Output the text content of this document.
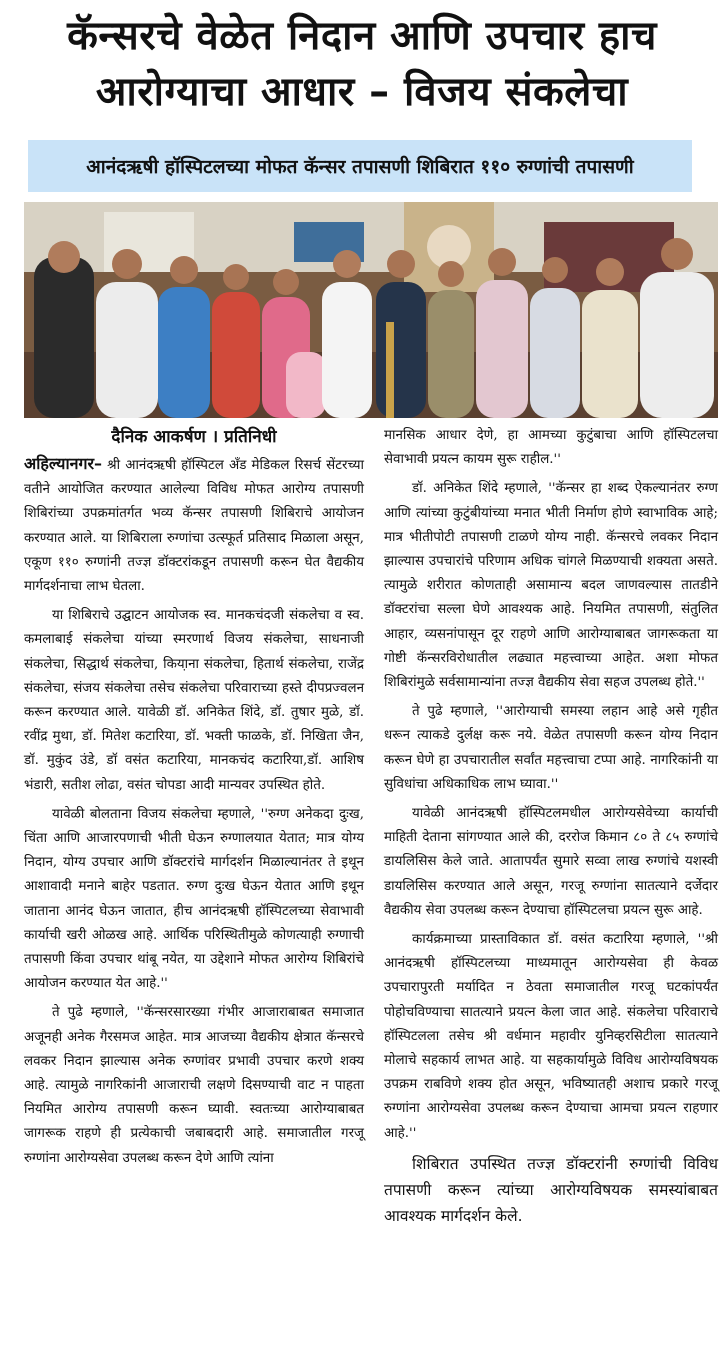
कॅन्सरचे वेळेत निदान आणि उपचार हाच
आरोग्याचा आधार – विजय संकलेचा
आनंदऋषी हॉस्पिटलच्या मोफत कॅन्सर तपासणी शिबिरात ११० रुग्णांची तपासणी
दैनिक आकर्षण । प्रतिनिधी

अहिल्यानगर– श्री आनंदऋषी हॉस्पिटल अँड मेडिकल रिसर्च सेंटरच्या वतीने आयोजित करण्यात आलेल्या विविध मोफत आरोग्य तपासणी शिबिरांच्या उपक्रमांतर्गत भव्य कॅन्सर तपासणी शिबिराचे आयोजन करण्यात आले. या शिबिराला रुग्णांचा उत्स्फूर्त प्रतिसाद मिळाला असून, एकूण ११० रुग्णांनी तज्ज्ञ डॉक्टरांकडून तपासणी करून घेत वैद्यकीय मार्गदर्शनाचा लाभ घेतला.

या शिबिराचे उद्घाटन आयोजक स्व. मानकचंदजी संकलेचा व स्व. कमलाबाई संकलेचा यांच्या स्मरणार्थ विजय संकलेचा, साधनाजी संकलेचा, सिद्धार्थ संकलेचा, किया़ना संकलेचा, हितार्थ संकलेचा, राजेंद्र संकलेचा, संजय संकलेचा तसेच संकलेचा परिवाराच्या हस्ते दीपप्रज्वलन करून करण्यात आले. यावेळी डॉ. अनिकेत शिंदे, डॉ. तुषार मुळे, डॉ. रवींद्र मुथा, डॉ. मितेश कटारिया, डॉ. भक्ती फाळके, डॉ. निखिता जैन, डॉ. मुकुंद उंडे, डॉ वसंत कटारिया, मानकचंद कटारिया,डॉ. आशिष भंडारी, सतीश लोढा, वसंत चोपडा आदी मान्यवर उपस्थित होते.

यावेळी बोलताना विजय संकलेचा म्हणाले, ''रुग्ण अनेकदा दुःख, चिंता आणि आजारपणाची भीती घेऊन रुग्णालयात येतात; मात्र योग्य निदान, योग्य उपचार आणि डॉक्टरांचे मार्गदर्शन मिळाल्यानंतर ते इथून आशावादी मनाने बाहेर पडतात. रुग्ण दुःख घेऊन येतात आणि इथून जाताना आनंद घेऊन जातात, हीच आनंदऋषी हॉस्पिटलच्या सेवाभावी कार्याची खरी ओळख आहे. आर्थिक परिस्थितीमुळे कोणत्याही रुग्णाची तपासणी किंवा उपचार थांबू नयेत, या उद्देशाने मोफत आरोग्य शिबिरांचे आयोजन करण्यात येत आहे.''

ते पुढे म्हणाले, ''कॅन्सरसारख्या गंभीर आजाराबाबत समाजात अजूनही अनेक गैरसमज आहेत. मात्र आजच्या वैद्यकीय क्षेत्रात कॅन्सरचे लवकर निदान झाल्यास अनेक रुग्णांवर प्रभावी उपचार करणे शक्य आहे. त्यामुळे नागरिकांनी आजाराची लक्षणे दिसण्याची वाट न पाहता नियमित आरोग्य तपासणी करून घ्यावी. स्वतःच्या आरोग्याबाबत जागरूक राहणे ही प्रत्येकाची जबाबदारी आहे. समाजातील गरजू रुग्णांना आरोग्यसेवा उपलब्ध करून देणे आणि त्यांना

मानसिक आधार देणे, हा आमच्या कुटुंबाचा आणि हॉस्पिटलचा सेवाभावी प्रयत्न कायम सुरू राहील.''

डॉ. अनिकेत शिंदे म्हणाले, ''कॅन्सर हा शब्द ऐकल्यानंतर रुग्ण आणि त्यांच्या कुटुंबीयांच्या मनात भीती निर्माण होणे स्वाभाविक आहे; मात्र भीतीपोटी तपासणी टाळणे योग्य नाही. कॅन्सरचे लवकर निदान झाल्यास उपचारांचे परिणाम अधिक चांगले मिळण्याची शक्यता असते. त्यामुळे शरीरात कोणताही असामान्य बदल जाणवल्यास तातडीने डॉक्टरांचा सल्ला घेणे आवश्यक आहे. नियमित तपासणी, संतुलित आहार, व्यसनांपासून दूर राहणे आणि आरोग्याबाबत जागरूकता या गोष्टी कॅन्सरविरोधातील लढ्यात महत्त्वाच्या आहेत. अशा मोफत शिबिरांमुळे सर्वसामान्यांना तज्ज्ञ वैद्यकीय सेवा सहज उपलब्ध होते.''

ते पुढे म्हणाले, ''आरोग्याची समस्या लहान आहे असे गृहीत धरून त्याकडे दुर्लक्ष करू नये. वेळेत तपासणी करून योग्य निदान करून घेणे हा उपचारातील सर्वांत महत्त्वाचा टप्पा आहे. नागरिकांनी या सुविधांचा अधिकाधिक लाभ घ्यावा.''

यावेळी आनंदऋषी हॉस्पिटलमधील आरोग्यसेवेच्या कार्याची माहिती देताना सांगण्यात आले की, दररोज किमान ८० ते ८५ रुग्णांचे डायलिसिस केले जाते. आतापर्यंत सुमारे सव्वा लाख रुग्णांचे यशस्वी डायलिसिस करण्यात आले असून, गरजू रुग्णांना सातत्याने दर्जेदार वैद्यकीय सेवा उपलब्ध करून देण्याचा हॉस्पिटलचा प्रयत्न सुरू आहे.

कार्यक्रमाच्या प्रास्ताविकात डॉ. वसंत कटारिया म्हणाले, ''श्री आनंदऋषी हॉस्पिटलच्या माध्यमातून आरोग्यसेवा ही केवळ उपचारापुरती मर्यादित न ठेवता समाजातील गरजू घटकांपर्यंत पोहोचविण्याचा सातत्याने प्रयत्न केला जात आहे. संकलेचा परिवाराचे हॉस्पिटलला तसेच श्री वर्धमान महावीर युनिव्हरसिटीला सातत्याने मोलाचे सहकार्य लाभत आहे. या सहकार्यामुळे विविध आरोग्यविषयक उपक्रम राबविणे शक्य होत असून, भविष्यातही अशाच प्रकारे गरजू रुग्णांना आरोग्यसेवा उपलब्ध करून देण्याचा आमचा प्रयत्न राहणार आहे.''

शिबिरात उपस्थित तज्ज्ञ डॉक्टरांनी रुग्णांची विविध तपासणी करून त्यांच्या आरोग्यविषयक समस्यांबाबत आवश्यक मार्गदर्शन केले.
